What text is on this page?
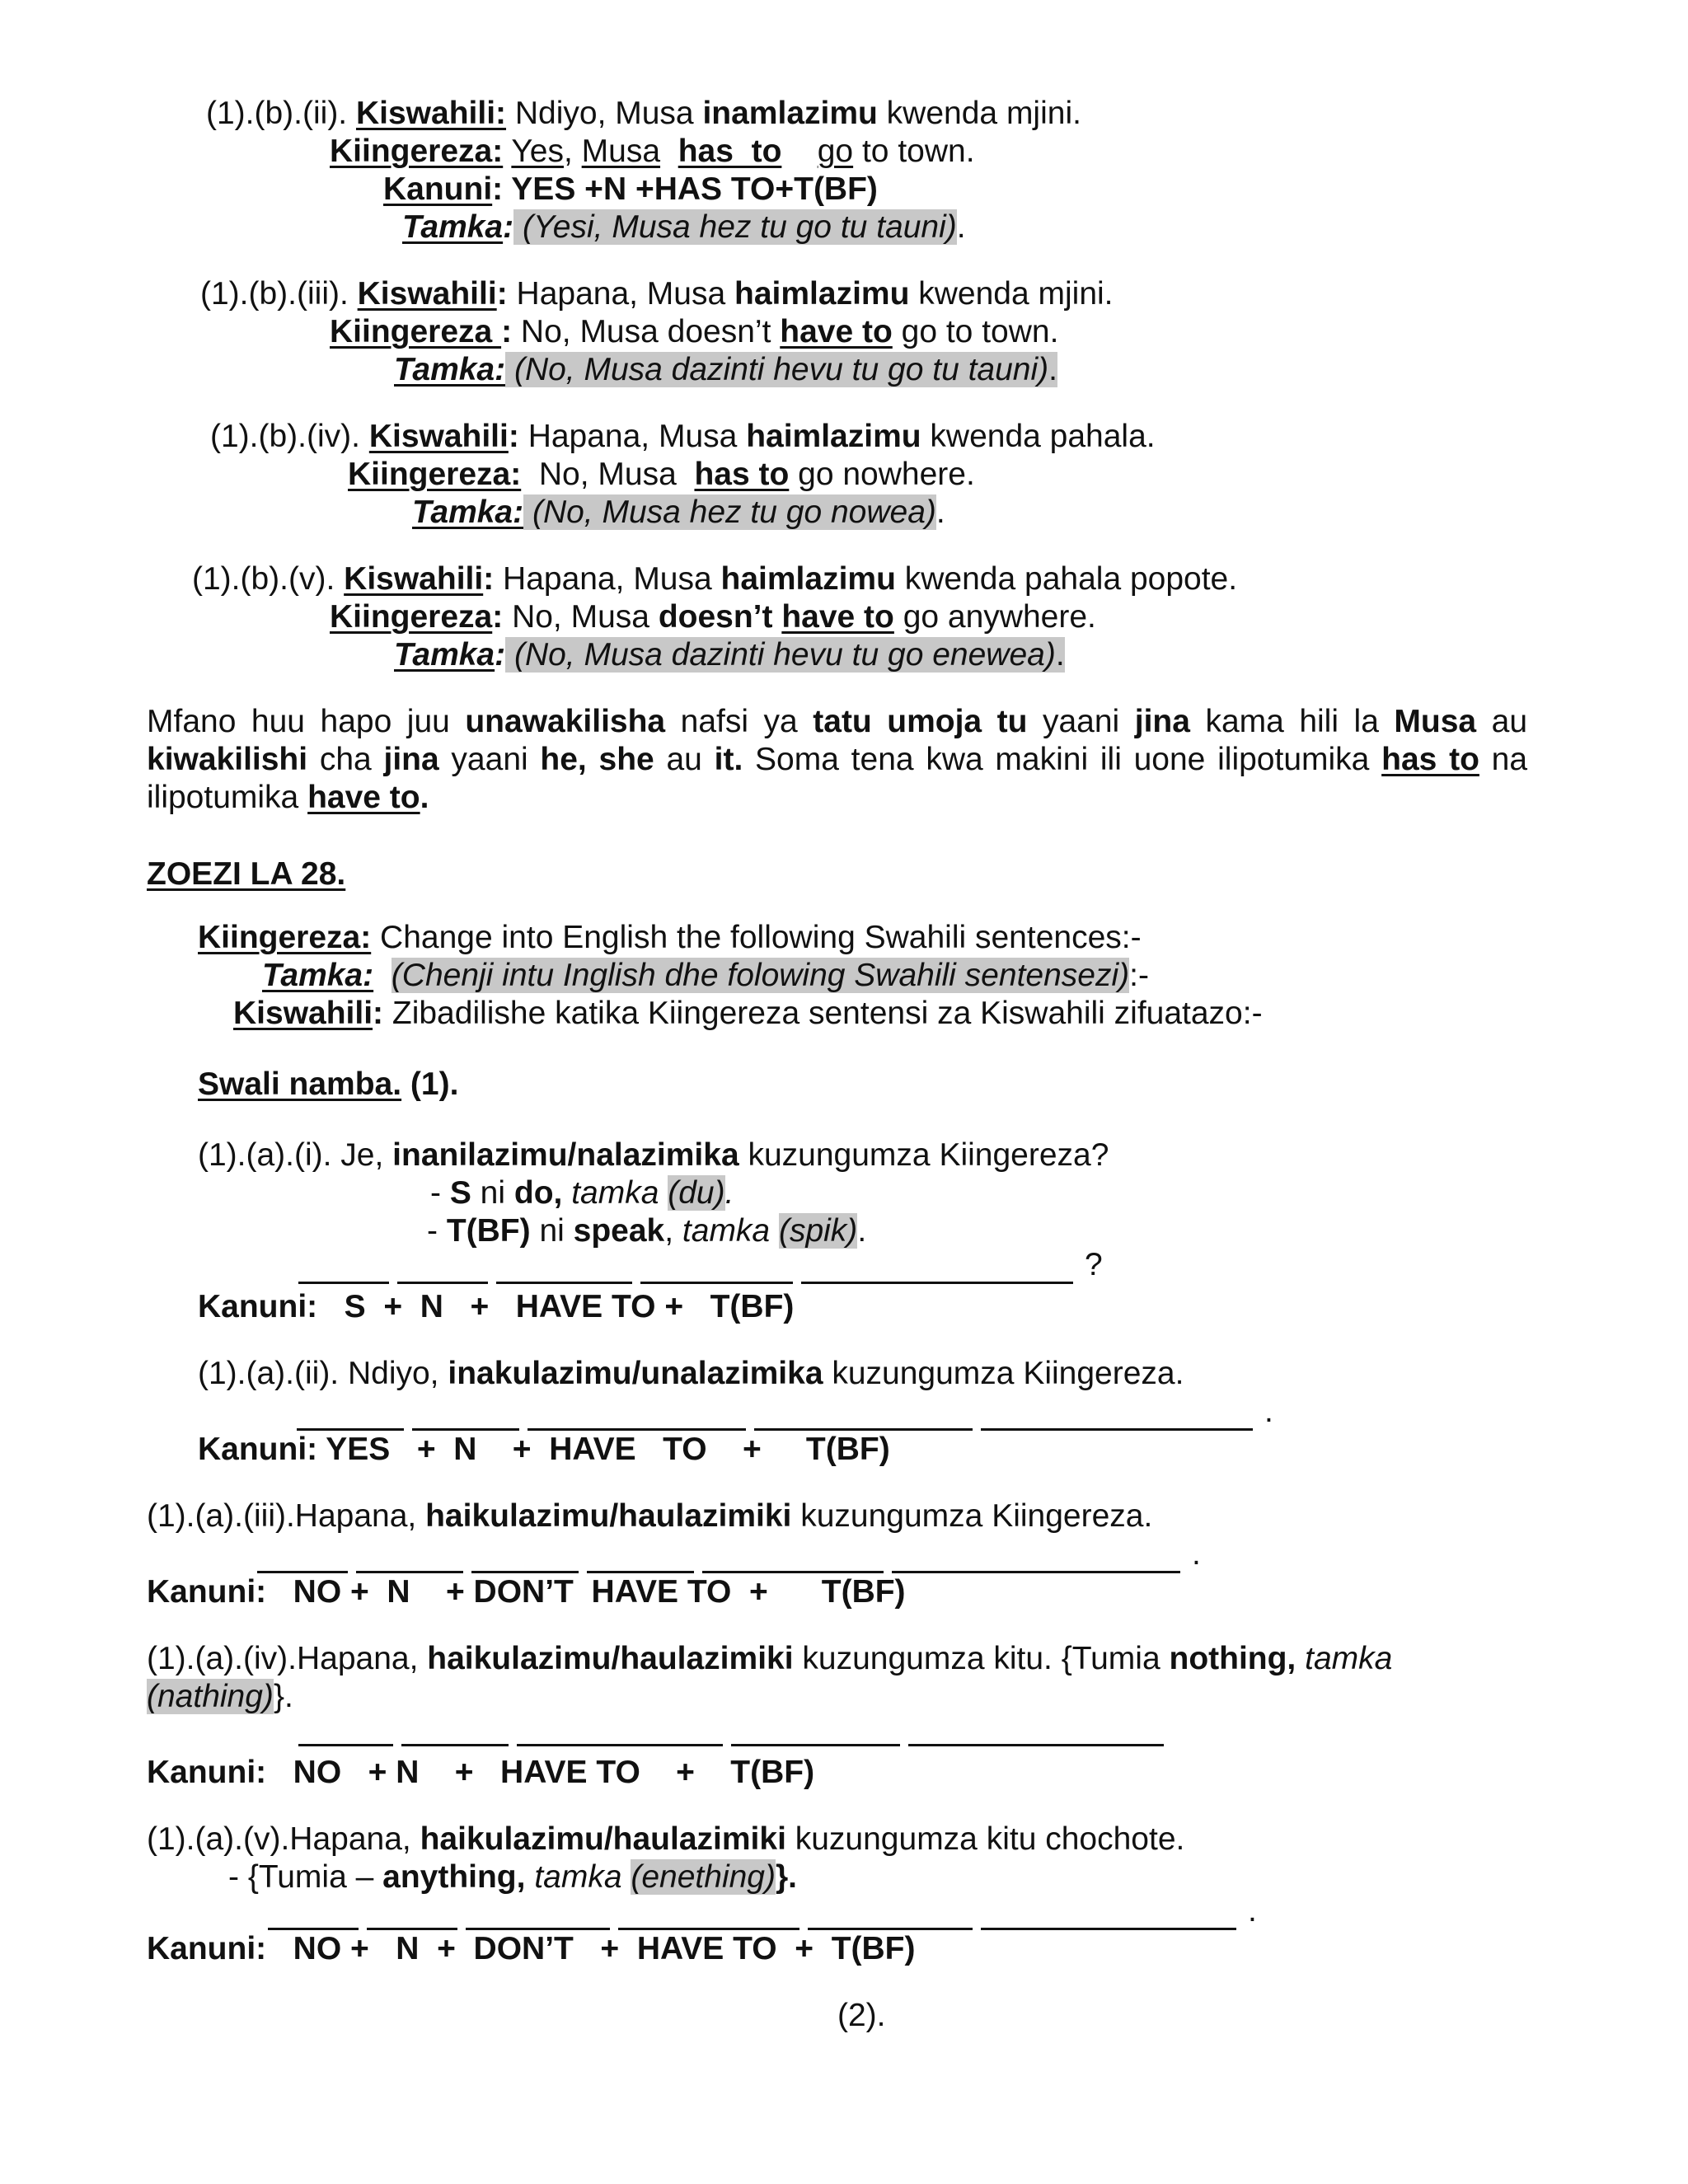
(1).(b).(ii). Kiswahili: Ndiyo, Musa inamlazimu kwenda mjini.
Kiingereza: Yes, Musa has  to go to town.
Kanuni: YES +N +HAS TO+T(BF)
Tamka: (Yesi, Musa hez tu go tu tauni).
(1).(b).(iii). Kiswahili: Hapana, Musa haimlazimu kwenda mjini.
Kiingereza : No, Musa doesn’t have to go to town.
Tamka: (No, Musa dazinti hevu tu go tu tauni).
(1).(b).(iv). Kiswahili: Hapana, Musa haimlazimu kwenda pahala.
Kiingereza:  No, Musa  has to go nowhere.
Tamka: (No, Musa hez tu go nowea).
(1).(b).(v). Kiswahili: Hapana, Musa haimlazimu kwenda pahala popote.
Kiingereza: No, Musa doesn’t have to go anywhere.
Tamka: (No, Musa dazinti hevu tu go enewea).
Mfano huu hapo juu unawakilisha nafsi ya tatu umoja tu yaani jina kama hili la Musa au kiwakilishi cha jina yaani he, she au it. Soma tena kwa makini ili uone ilipotumika has to na ilipotumika have to.
ZOEZI LA 28.
Kiingereza: Change into English the following Swahili sentences:-
Tamka: (Chenji intu Inglish dhe folowing Swahili sentensezi):-
Kiswahili: Zibadilishe katika Kiingereza sentensi za Kiswahili zifuatazo:-
Swali namba. (1).
(1).(a).(i). Je, inanilazimu/nalazimika kuzungumza Kiingereza?
- S ni do, tamka (du).
- T(BF) ni speak, tamka (spik).
?
Kanuni:   S  +  N   +   HAVE TO +   T(BF)
(1).(a).(ii). Ndiyo, inakulazimu/unalazimika kuzungumza Kiingereza.
.
Kanuni: YES   +  N    +  HAVE   TO    +     T(BF)
(1).(a).(iii).Hapana, haikulazimu/haulazimiki kuzungumza Kiingereza.
.
Kanuni:   NO +  N    + DON’T  HAVE TO  +      T(BF)
(1).(a).(iv).Hapana, haikulazimu/haulazimiki kuzungumza kitu. {Tumia nothing, tamka
(nathing)}.
Kanuni:   NO   + N    +   HAVE TO    +    T(BF)
(1).(a).(v).Hapana, haikulazimu/haulazimiki kuzungumza kitu chochote.
- {Tumia – anything, tamka (enething)}.
.
Kanuni:   NO +   N  +  DON’T   +  HAVE TO  +  T(BF)
(2).
